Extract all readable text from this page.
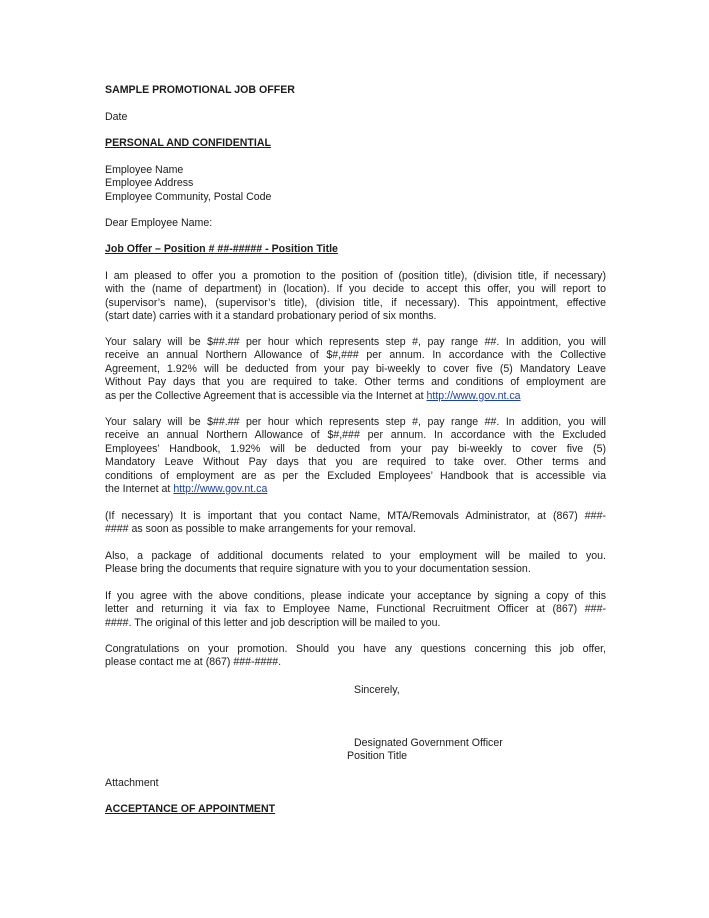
SAMPLE PROMOTIONAL JOB OFFER
Date
PERSONAL AND CONFIDENTIAL
Employee Name
Employee Address
Employee Community, Postal Code
Dear Employee Name:
Job Offer – Position # ##-##### - Position Title
I am pleased to offer you a promotion to the position of (position title), (division title, if necessary)
with the (name of department) in (location). If you decide to accept this offer, you will report to
(supervisor’s name), (supervisor’s title), (division title, if necessary). This appointment, effective
(start date) carries with it a standard probationary period of six months.
Your salary will be $##.## per hour which represents step #, pay range ##. In addition, you will
receive an annual Northern Allowance of $#,### per annum. In accordance with the Collective
Agreement, 1.92% will be deducted from your pay bi-weekly to cover five (5) Mandatory Leave
Without Pay days that you are required to take. Other terms and conditions of employment are
as per the Collective Agreement that is accessible via the Internet at http://www.gov.nt.ca
Your salary will be $##.## per hour which represents step #, pay range ##. In addition, you will
receive an annual Northern Allowance of $#,### per annum. In accordance with the Excluded
Employees’ Handbook, 1.92% will be deducted from your pay bi-weekly to cover five (5)
Mandatory Leave Without Pay days that you are required to take over. Other terms and
conditions of employment are as per the Excluded Employees’ Handbook that is accessible via
the Internet at http://www.gov.nt.ca
(If necessary) It is important that you contact Name, MTA/Removals Administrator, at (867) ###-
#### as soon as possible to make arrangements for your removal.
Also, a package of additional documents related to your employment will be mailed to you.
Please bring the documents that require signature with you to your documentation session.
If you agree with the above conditions, please indicate your acceptance by signing a copy of this
letter and returning it via fax to Employee Name, Functional Recruitment Officer at (867) ###-
####. The original of this letter and job description will be mailed to you.
Congratulations on your promotion. Should you have any questions concerning this job offer,
please contact me at (867) ###-####.
Sincerely,
Designated Government Officer
Position Title
Attachment
ACCEPTANCE OF APPOINTMENT
